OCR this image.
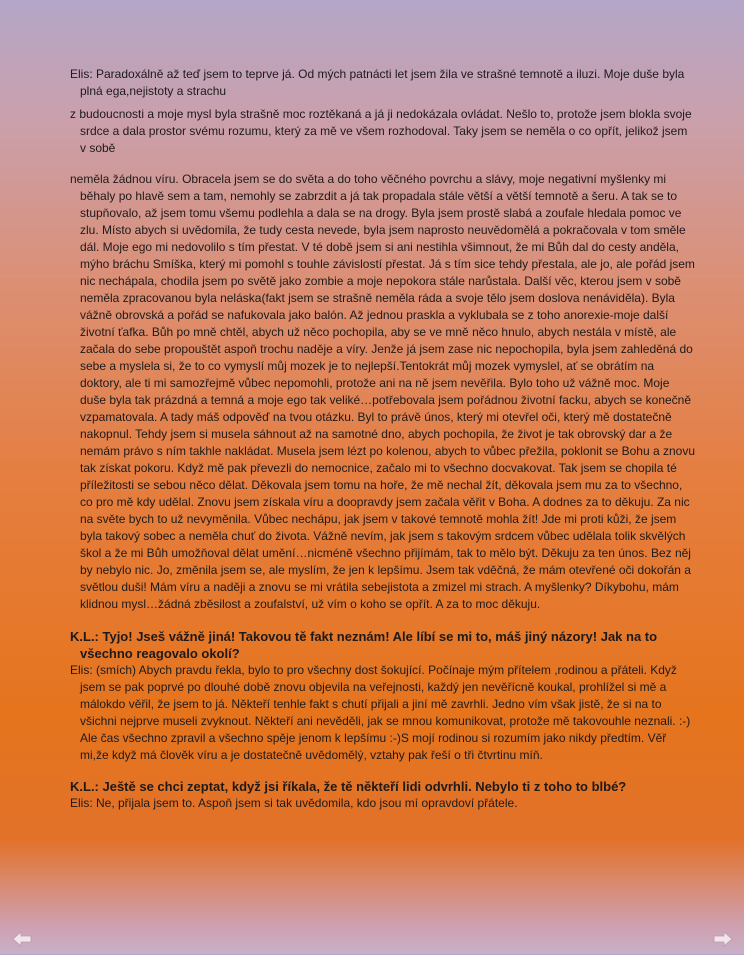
Elis: Paradoxálně až teď jsem to teprve já. Od mých patnácti let jsem žila ve strašné temnotě a iluzi. Moje duše byla plná ega,nejistoty a strachu

z budoucnosti a moje mysl byla strašně moc roztěkaná a já ji nedokázala ovládat. Nešlo to, protože jsem blokla svoje srdce a dala prostor svému rozumu, který za mě ve všem rozhodoval. Taky jsem se neměla o co opřít, jelikož jsem v sobě

neměla žádnou víru. Obracela jsem se do světa a do toho věčného povrchu a slávy, moje negativní myšlenky mi běhaly po hlavě sem a tam, nemohly se zabrzdit a já tak propadala stále větší a větší temnotě a šeru. A tak se to stupňovalo, až jsem tomu všemu podlehla a dala se na drogy. Byla jsem prostě slabá a zoufale hledala pomoc ve zlu. Místo abych si uvědomila, že tudy cesta nevede, byla jsem naprosto neuvědomělá a pokračovala v tom směle dál. Moje ego mi nedovolilo s tím přestat. V té době jsem si ani nestihla všimnout, že mi Bůh dal do cesty anděla, mýho bráchu Smíška, který mi pomohl s touhle závislostí přestat. Já s tím sice tehdy přestala, ale jo, ale pořád jsem nic nechápala, chodila jsem po světě jako zombie a moje nepokora stále narůstala. Další věc, kterou jsem v sobě neměla zpracovanou byla neláska(fakt jsem se strašně neměla ráda a svoje tělo jsem doslova nenáviděla). Byla vážně obrovská a pořád se nafukovala jako balón. Až jednou praskla a vyklubala se z toho anorexie-moje další životní ťafka. Bůh po mně chtěl, abych už něco pochopila, aby se ve mně něco hnulo, abych nestála v místě, ale začala do sebe propouštět aspoň trochu naděje a víry. Jenže já jsem zase nic nepochopila, byla jsem zahleděná do sebe a myslela si, že to co vymyslí můj mozek je to nejlepší.Tentokrát můj mozek vymyslel, ať se obrátím na doktory, ale ti mi samozřejmě vůbec nepomohli, protože ani na ně jsem nevěřila. Bylo toho už vážně moc. Moje duše byla tak prázdná a temná a moje ego tak veliké…potřebovala jsem pořádnou životní facku, abych se konečně vzpamatovala. A tady máš odpověď na tvou otázku. Byl to právě únos, který mi otevřel oči, který mě dostatečně nakopnul. Tehdy jsem si musela sáhnout až na samotné dno, abych pochopila, že život je tak obrovský dar a že nemám právo s ním takhle nakládat. Musela jsem lézt po kolenou, abych to vůbec přežila, poklonit se Bohu a znovu tak získat pokoru. Když mě pak převezli do nemocnice, začalo mi to všechno docvakovat. Tak jsem se chopila té příležitosti se sebou něco dělat. Děkovala jsem tomu na hoře, že mě nechal žít, děkovala jsem mu za to všechno, co pro mě kdy udělal. Znovu jsem získala víru a doopravdy jsem začala věřit v Boha. A dodnes za to děkuju. Za nic na světe bych to už nevyměnila. Vůbec nechápu, jak jsem v takové temnotě mohla žít! Jde mi proti kůži, že jsem byla takový sobec a neměla chuť do života. Vážně nevím, jak jsem s takovým srdcem vůbec udělala tolik skvělých škol a že mi Bůh umožňoval dělat umění…nicméně všechno přijímám, tak to mělo být. Děkuju za ten únos. Bez něj by nebylo nic. Jo, změnila jsem se, ale myslím, že jen k lepšímu. Jsem tak vděčná, že mám otevřené oči dokořán a světlou duši! Mám víru a naději a znovu se mi vrátila sebejistota a zmizel mi strach. A myšlenky? Díkybohu, mám klidnou mysl…žádná zběsilost a zoufalství, už vím o koho se opřít. A za to moc děkuju.

K.L.: Tyjo! Jseš vážně jiná! Takovou tě fakt neznám! Ale líbí se mi to, máš jiný názory! Jak na to všechno reagovalo okolí?

Elis: (smích) Abych pravdu řekla, bylo to pro všechny dost šokující. Počínaje mým přítelem ,rodinou a přáteli. Když jsem se pak poprvé po dlouhé době znovu objevila na veřejnosti, každý jen nevěřícně koukal, prohlížel si mě a málokdo věřil, že jsem to já. Někteří tenhle fakt s chutí přijali a jiní mě zavrhli. Jedno vím však jistě, že si na to všichni nejprve museli zvyknout. Někteří ani nevěděli, jak se mnou komunikovat, protože mě takovouhle neznali. :-) Ale čas všechno zpravil a všechno spěje jenom k lepšímu :-)S mojí rodinou si rozumím jako nikdy předtím. Věř mi,že když má člověk víru a je dostatečně uvědomělý, vztahy pak řeší o tři čtvrtinu míň.

K.L.: Ještě se chci zeptat, když jsi říkala, že tě někteří lidi odvrhli. Nebylo ti z toho to blbé?

Elis: Ne, přijala jsem to. Aspoň jsem si tak uvědomila, kdo jsou mí opravdoví přátele.
